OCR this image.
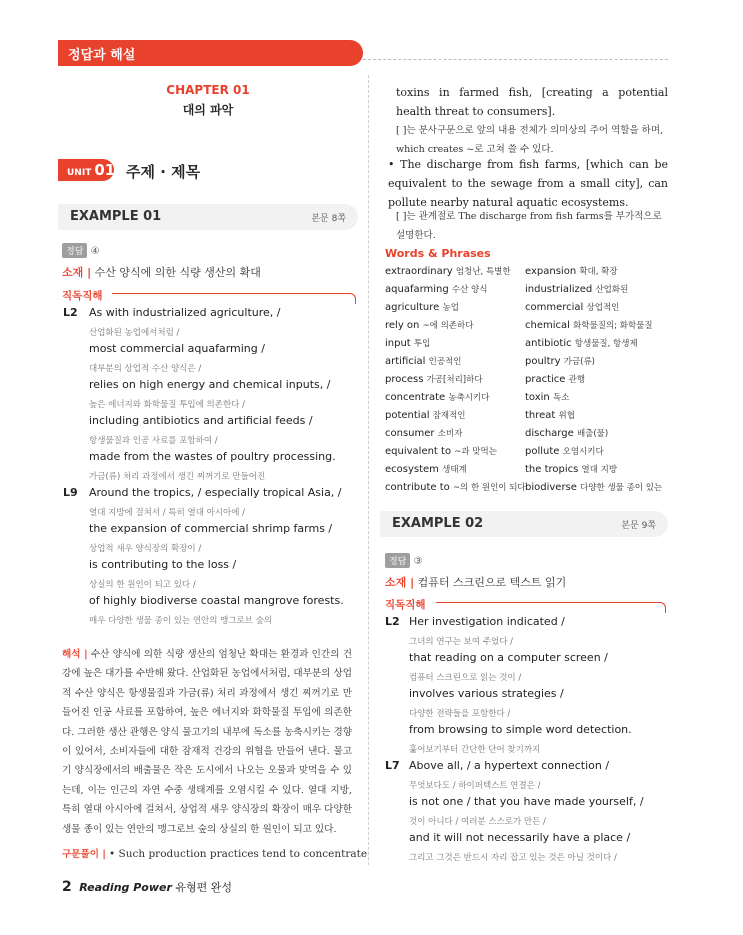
정답과 해설
CHAPTER 01
대의 파악
UNIT 01 주제 · 제목
EXAMPLE 01	본문 8쪽
정답 ④
소재 | 수산 양식에 의한 식량 생산의 확대
직독직해
L2 As with industrialized agriculture, /
산업화된 농업에서처럼 /
most commercial aquafarming /
대부분의 상업적 수산 양식은 /
relies on high energy and chemical inputs, /
높은 에너지와 화학물질 투입에 의존한다 /
including antibiotics and artificial feeds /
항생물질과 인공 사료를 포함하여 /
made from the wastes of poultry processing.
가금(류) 처리 과정에서 생긴 찌꺼기로 만들어진
L9 Around the tropics, / especially tropical Asia, /
열대 지방에 걸쳐서 / 특히 열대 아시아에 /
the expansion of commercial shrimp farms /
상업적 새우 양식장의 확장이 /
is contributing to the loss /
상실의 한 원인이 되고 있다 /
of highly biodiverse coastal mangrove forests.
매우 다양한 생물 종이 있는 연안의 맹그로브 숲의
해석 | 수산 양식에 의한 식량 생산의 엄청난 확대는 환경과 인간의 건강에 높은 대가를 수반해 왔다. 산업화된 농업에서처럼, 대부분의 상업적 수산 양식은 항생물질과 가금(류) 처리 과정에서 생긴 찌꺼기로 만들어진 인공 사료를 포함하여, 높은 에너지와 화학물질 투입에 의존한다. 그러한 생산 관행은 양식 물고기의 내부에 독소를 농축시키는 경향이 있어서, 소비자들에 대한 잠재적 건강의 위협을 만들어 낸다. 물고기 양식장에서의 배출물은 작은 도시에서 나오는 오물과 맞먹을 수 있는데, 이는 인근의 자연 수중 생태계를 오염시킬 수 있다. 열대 지방, 특히 열대 아시아에 걸쳐서, 상업적 새우 양식장의 확장이 매우 다양한 생물 종이 있는 연안의 맹그로브 숲의 상실의 한 원인이 되고 있다.
구문풀이 | • Such production practices tend to concentrate
toxins in farmed fish, [creating a potential health threat to consumers].
[ ]는 분사구문으로 앞의 내용 전체가 의미상의 주어 역할을 하며, which creates ~로 고쳐 쓸 수 있다.
• The discharge from fish farms, [which can be equivalent to the sewage from a small city], can pollute nearby natural aquatic ecosystems.
[ ]는 관계절로 The discharge from fish farms를 부가적으로 설명한다.
Words & Phrases
extraordinary 엄청난, 특별한
aquafarming 수산 양식
agriculture 농업
rely on ~에 의존하다
input 투입
artificial 인공적인
process 가공[처리]하다
concentrate 농축시키다
potential 잠재적인
consumer 소비자
equivalent to ~과 맞먹는
ecosystem 생태계
contribute to ~의 한 원인이 되다
expansion 확대, 확장
industrialized 산업화된
commercial 상업적인
chemical 화학물질의; 화학물질
antibiotic 항생물질, 항생제
poultry 가금(류)
practice 관행
toxin 독소
threat 위협
discharge 배출(물)
pollute 오염시키다
the tropics 열대 지방
biodiverse 다양한 생물 종이 있는
EXAMPLE 02	본문 9쪽
정답 ③
소재 | 컴퓨터 스크린으로 텍스트 읽기
직독직해
L2 Her investigation indicated /
그녀의 연구는 보여 주었다 /
that reading on a computer screen /
컴퓨터 스크린으로 읽는 것이 /
involves various strategies /
다양한 전략들을 포함한다 /
from browsing to simple word detection.
훑어보기부터 간단한 단어 찾기까지
L7 Above all, / a hypertext connection /
무엇보다도 / 하이퍼텍스트 연결은 /
is not one / that you have made yourself, /
것이 아니다 / 여러분 스스로가 만든 /
and it will not necessarily have a place /
그리고 그것은 반드시 자리 잡고 있는 것은 아닐 것이다 /
2 Reading Power 유형편 완성
